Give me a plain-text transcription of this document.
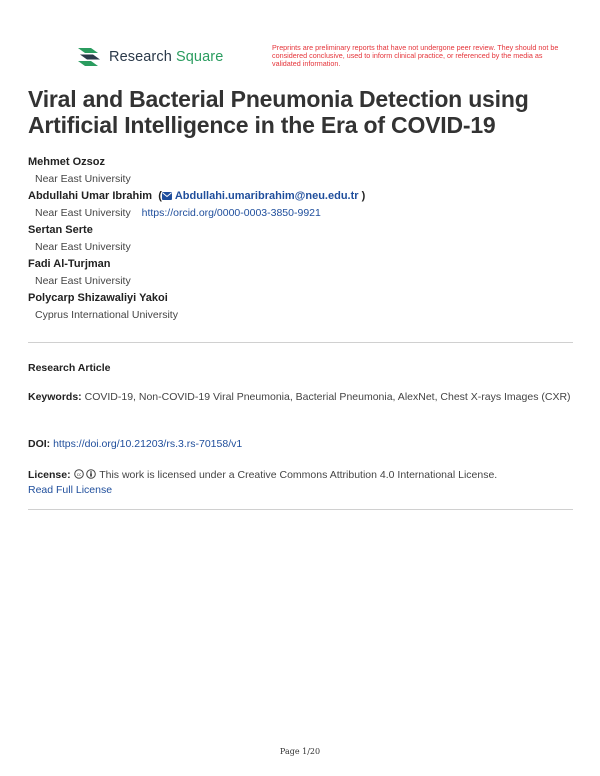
Research Square
Preprints are preliminary reports that have not undergone peer review. They should not be considered conclusive, used to inform clinical practice, or referenced by the media as validated information.
Viral and Bacterial Pneumonia Detection using Artificial Intelligence in the Era of COVID-19
Mehmet Ozsoz
Near East University
Abdullahi Umar Ibrahim  ( Abdullahi.umaribrahim@neu.edu.tr )
Near East University https://orcid.org/0000-0003-3850-9921
Sertan Serte
Near East University
Fadi Al-Turjman
Near East University
Polycarp Shizawaliyi Yakoi
Cyprus International University
Research Article
Keywords: COVID-19, Non-COVID-19 Viral Pneumonia, Bacterial Pneumonia, AlexNet, Chest X-rays Images (CXR)
DOI: https://doi.org/10.21203/rs.3.rs-70158/v1
License: cc This work is licensed under a Creative Commons Attribution 4.0 International License.
Read Full License
Page 1/20
